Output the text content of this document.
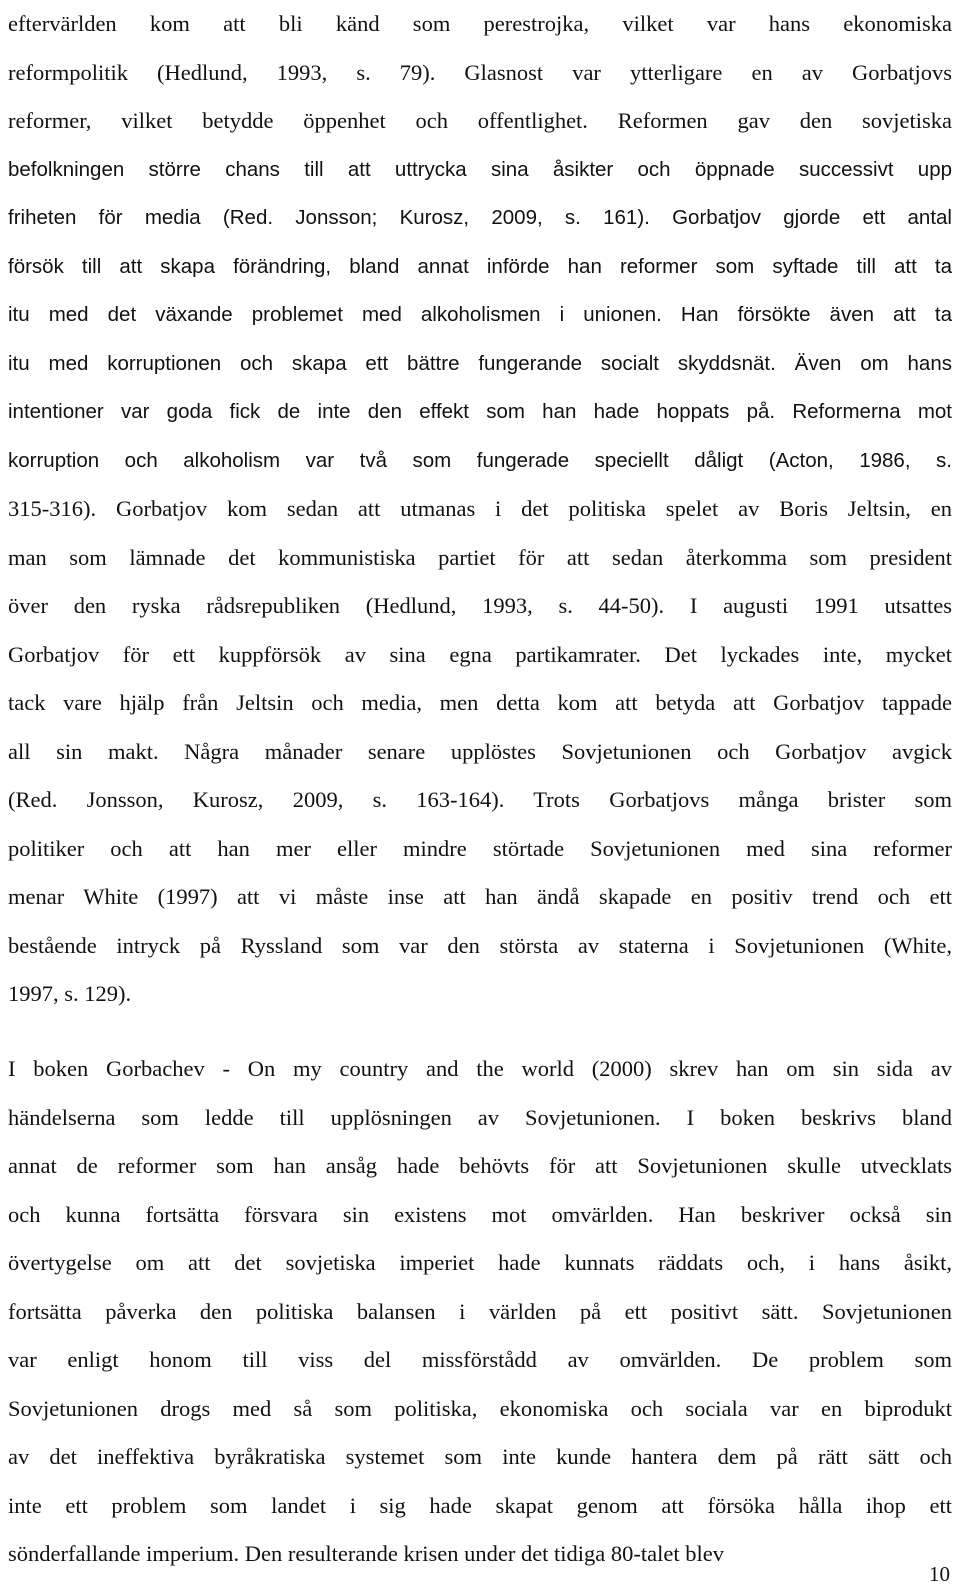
eftervärlden kom att bli känd som perestrojka, vilket var hans ekonomiska
reformpolitik (Hedlund, 1993, s. 79). Glasnost var ytterligare en av Gorbatjovs
reformer, vilket betydde öppenhet och offentlighet. Reformen gav den sovjetiska
befolkningen större chans till att uttrycka sina åsikter och öppnade successivt upp
friheten för media (Red. Jonsson; Kurosz, 2009, s. 161). Gorbatjov gjorde ett antal
försök till att skapa förändring, bland annat införde han reformer som syftade till att ta
itu med det växande problemet med alkoholismen i unionen. Han försökte även att ta
itu med korruptionen och skapa ett bättre fungerande socialt skyddsnät. Även om hans
intentioner var goda fick de inte den effekt som han hade hoppats på. Reformerna mot
korruption och alkoholism var två som fungerade speciellt dåligt (Acton, 1986, s.
315-316). Gorbatjov kom sedan att utmanas i det politiska spelet av Boris Jeltsin, en
man som lämnade det kommunistiska partiet för att sedan återkomma som president
över den ryska rådsrepubliken (Hedlund, 1993, s. 44-50). I augusti 1991 utsattes
Gorbatjov för ett kuppförsök av sina egna partikamrater. Det lyckades inte, mycket
tack vare hjälp från Jeltsin och media, men detta kom att betyda att Gorbatjov tappade
all sin makt. Några månader senare upplöstes Sovjetunionen och Gorbatjov avgick
(Red. Jonsson, Kurosz, 2009, s. 163-164). Trots Gorbatjovs många brister som
politiker och att han mer eller mindre störtade Sovjetunionen med sina reformer
menar White (1997) att vi måste inse att han ändå skapade en positiv trend och ett
bestående intryck på Ryssland som var den största av staterna i Sovjetunionen (White,
1997, s. 129).
I boken Gorbachev - On my country and the world (2000) skrev han om sin sida av
händelserna som ledde till upplösningen av Sovjetunionen. I boken beskrivs bland
annat de reformer som han ansåg hade behövts för att Sovjetunionen skulle utvecklats
och kunna fortsätta försvara sin existens mot omvärlden. Han beskriver också sin
övertygelse om att det sovjetiska imperiet hade kunnats räddats och, i hans åsikt,
fortsätta påverka den politiska balansen i världen på ett positivt sätt. Sovjetunionen
var enligt honom till viss del missförstådd av omvärlden. De problem som
Sovjetunionen drogs med så som politiska, ekonomiska och sociala var en biprodukt
av det ineffektiva byråkratiska systemet som inte kunde hantera dem på rätt sätt och
inte ett problem som landet i sig hade skapat genom att försöka hålla ihop ett
sönderfallande imperium. Den resulterande krisen under det tidiga 80-talet blev
10
